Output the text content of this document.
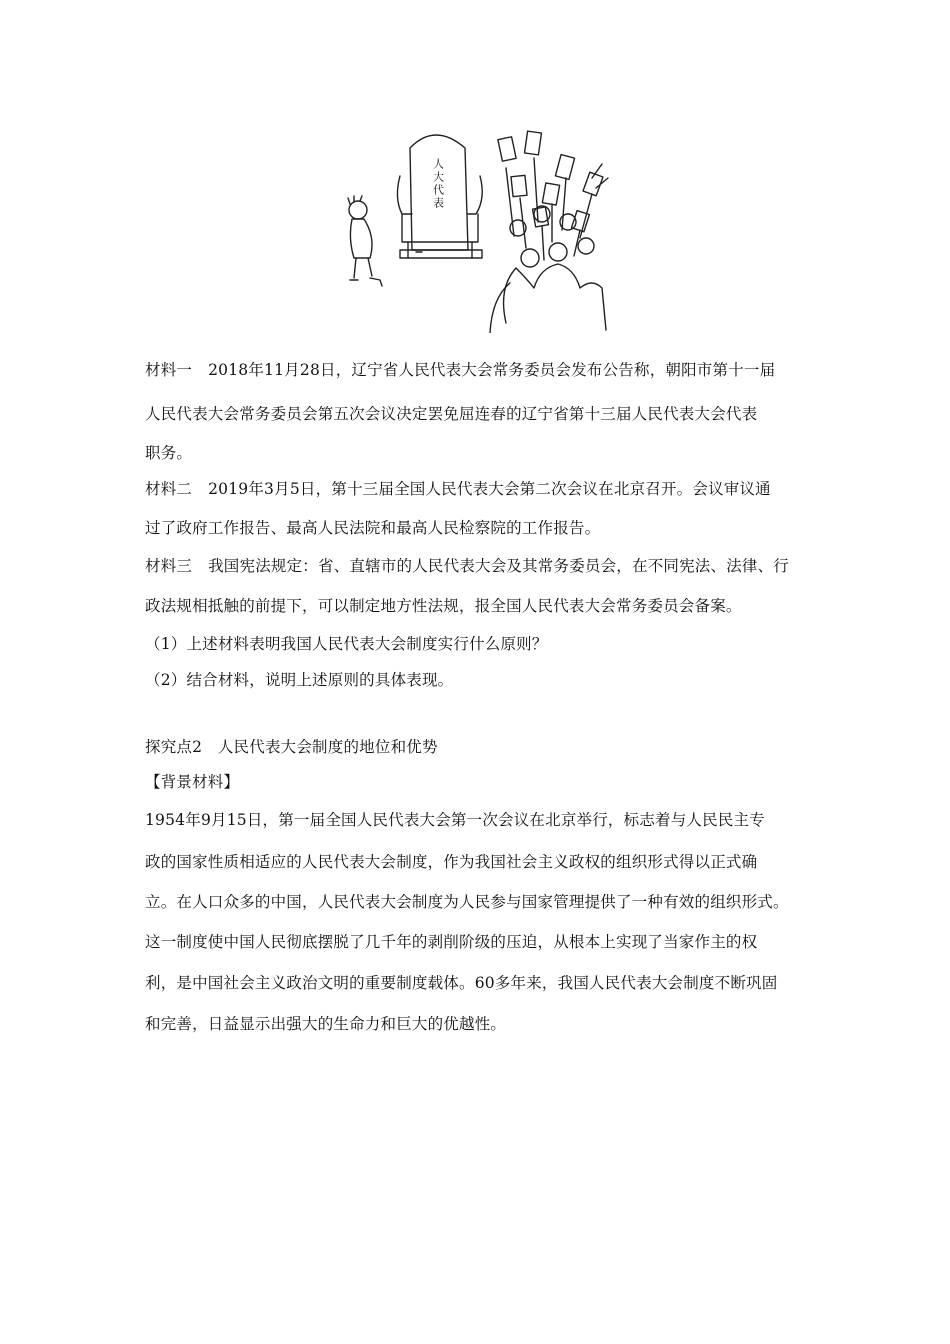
人大代表
材料一 2018年11月28日，辽宁省人民代表大会常务委员会发布公告称，朝阳市第十一届
人民代表大会常务委员会第五次会议决定罢免屈连春的辽宁省第十三届人民代表大会代表
职务。
材料二 2019年3月5日，第十三届全国人民代表大会第二次会议在北京召开。会议审议通
过了政府工作报告、最高人民法院和最高人民检察院的工作报告。
材料三 我国宪法规定：省、直辖市的人民代表大会及其常务委员会，在不同宪法、法律、行
政法规相抵触的前提下，可以制定地方性法规，报全国人民代表大会常务委员会备案。
（1）上述材料表明我国人民代表大会制度实行什么原则？
（2）结合材料，说明上述原则的具体表现。
探究点2　人民代表大会制度的地位和优势
【背景材料】
1954年9月15日，第一届全国人民代表大会第一次会议在北京举行，标志着与人民民主专
政的国家性质相适应的人民代表大会制度，作为我国社会主义政权的组织形式得以正式确
立。在人口众多的中国，人民代表大会制度为人民参与国家管理提供了一种有效的组织形式。
这一制度使中国人民彻底摆脱了几千年的剥削阶级的压迫，从根本上实现了当家作主的权
利，是中国社会主义政治文明的重要制度载体。60多年来，我国人民代表大会制度不断巩固
和完善，日益显示出强大的生命力和巨大的优越性。
